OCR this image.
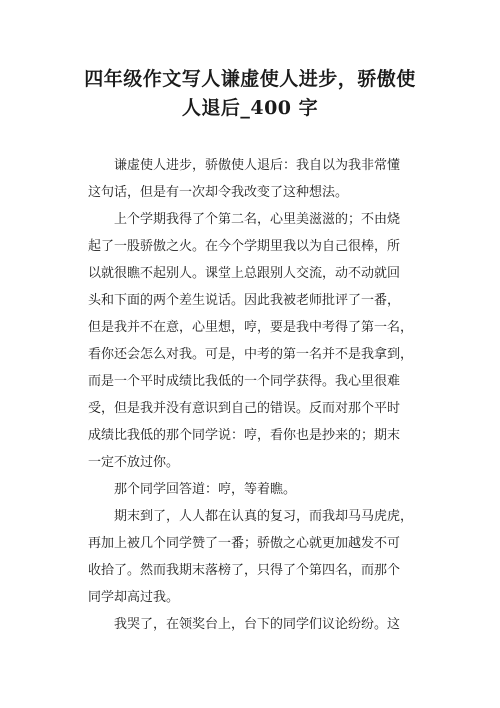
四年级作文写人谦虚使人进步，骄傲使
人退后_400 字
谦虚使人进步，骄傲使人退后：我自以为我非常懂
这句话，但是有一次却令我改变了这种想法。
上个学期我得了个第二名，心里美滋滋的；不由烧
起了一股骄傲之火。在今个学期里我以为自己很棒，所
以就很瞧不起别人。课堂上总跟别人交流，动不动就回
头和下面的两个差生说话。因此我被老师批评了一番，
但是我并不在意，心里想，哼，要是我中考得了第一名，
看你还会怎么对我。可是，中考的第一名并不是我拿到，
而是一个平时成绩比我低的一个同学获得。我心里很难
受，但是我并没有意识到自己的错误。反而对那个平时
成绩比我低的那个同学说：哼，看你也是抄来的；期末
一定不放过你。
那个同学回答道：哼，等着瞧。
期末到了，人人都在认真的复习，而我却马马虎虎，
再加上被几个同学赞了一番；骄傲之心就更加越发不可
收拾了。然而我期末落榜了，只得了个第四名，而那个
同学却高过我。
我哭了，在领奖台上，台下的同学们议论纷纷。这
